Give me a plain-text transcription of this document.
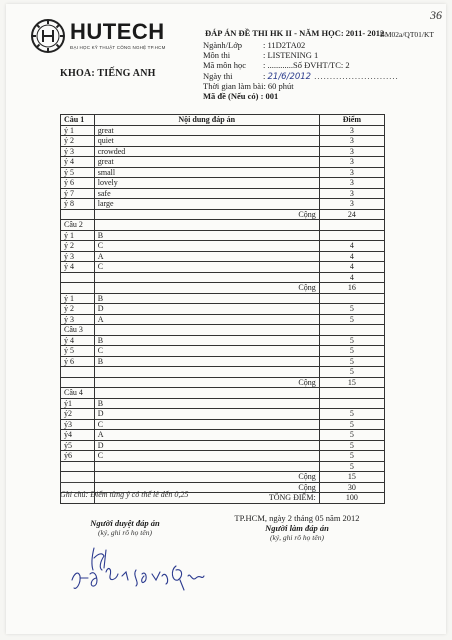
36
HUTECH
ĐẠI HỌC KỸ THUẬT CÔNG NGHỆ TP.HCM
KHOA: TIẾNG ANH
BM02a/QT01/KT
ĐÁP ÁN ĐỀ THI HK II - NĂM HỌC: 2011- 2012
Ngành/Lớp : 11D2TA02
Môn thi	: LISTENING 1
Mã môn học : ............Số ĐVHT/TC: 2
Ngày thi	: 21/6/2012 ...........................
Thời gian làm bài: 60 phút
Mã đề (Nếu có) : 001
Câu 1	Nội dung đáp án	Điểm
ý 1	great	3
ý 2	quiet	3
ý 3	crowded	3
ý 4	great	3
ý 5	small	3
ý 6	lovely	3
ý 7	safe	3
ý 8	large	3
	Cộng	24
Câu 2		
ý 1	B	
ý 2	C	4
ý 3	A	4
ý 4	C	4
		4
	Cộng	16
ý 1	B	
ý 2	D	5
ý 3	A	5
Câu 3		
ý 4	B	5
ý 5	C	5
ý 6	B	5
		5
	Cộng	15
Câu 4		
ý1	B	
ý2	D	5
ý3	C	5
ý4	A	5
ý5	D	5
ý6	C	5
		5
	Cộng	15
	Cộng	30
	TỔNG ĐIỂM:	100
...............
Ghi chú: Điểm từng ý có thể lẻ đến 0,25
Người duyệt đáp án
(ký, ghi rõ họ tên)
TP.HCM, ngày 2 tháng 05 năm 2012
Người làm đáp án
(ký, ghi rõ họ tên)
Hồ Thị Song Quyên
